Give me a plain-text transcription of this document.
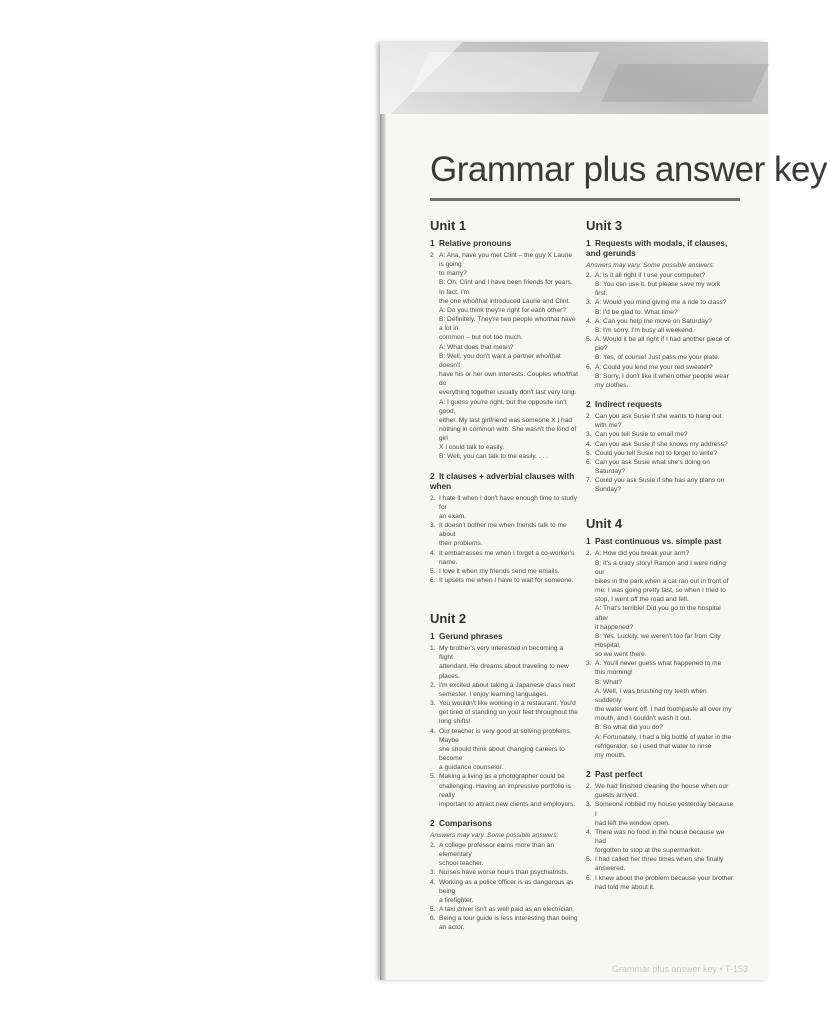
Grammar plus answer key
Unit 1
1 Relative pronouns
2 A: Ana, have you met Clint – the guy X Laurie is going
to marry?
B: Oh, Clint and I have been friends for years. In fact, I'm
the one who/that introduced Laurie and Clint.
A: Do you think they're right for each other?
B: Definitely. They're two people who/that have a lot in
common – but not too much.
A: What does that mean?
B: Well, you don't want a partner who/that doesn't
have his or her own interests. Couples who/that do
everything together usually don't last very long.
A: I guess you're right, but the opposite isn't good,
either. My last girlfriend was someone X I had
nothing in common with. She wasn't the kind of girl
X I could talk to easily.
B: Well, you can talk to me easily. . . .
2 It clauses + adverbial clauses with when
2. I hate it when I don't have enough time to study for
an exam.
3. It doesn't bother me when friends talk to me about
their problems.
4. It embarrasses me when I forget a co-worker's name.
5. I love it when my friends send me emails.
6. It upsets me when I have to wait for someone.
Unit 2
1 Gerund phrases
1. My brother's very interested in becoming a flight
attendant. He dreams about traveling to new places.
2. I'm excited about taking a Japanese class next
semester. I enjoy learning languages.
3. You wouldn't like working in a restaurant. You'd
get tired of standing on your feet throughout the
long shifts!
4. Our teacher is very good at solving problems. Maybe
she should think about changing careers to become
a guidance counselor.
5. Making a living as a photographer could be
challenging. Having an impressive portfolio is really
important to attract new clients and employers.
2 Comparisons
Answers may vary. Some possible answers:
2. A college professor earns more than an elementary
school teacher.
3. Nurses have worse hours than psychiatrists.
4. Working as a police officer is as dangerous as being
a firefighter.
5. A taxi driver isn't as well paid as an electrician.
6. Being a tour guide is less interesting than being
an actor.
Unit 3
1 Requests with modals, if clauses, and gerunds
Answers may vary. Some possible answers:
2. A: Is it all right if I use your computer?
B: You can use it, but please save my work first.
3. A: Would you mind giving me a ride to class?
B: I'd be glad to. What time?
4. A: Can you help me move on Saturday?
B: I'm sorry. I'm busy all weekend.
5. A: Would it be all right if I had another piece of pie?
B: Yes, of course! Just pass me your plate.
6. A: Could you lend me your red sweater?
B: Sorry, I don't like it when other people wear
my clothes.
2 Indirect requests
2. Can you ask Susie if she wants to hang out with me?
3. Can you tell Susie to email me?
4. Can you ask Susie if she knows my address?
5. Could you tell Susie not to forget to write?
6. Can you ask Susie what she's doing on Saturday?
7. Could you ask Susie if she has any plans on Sunday?
Unit 4
1 Past continuous vs. simple past
2. A: How did you break your arm?
B: It's a crazy story! Ramon and I were riding our
bikes in the park when a cat ran out in front of
me. I was going pretty fast, so when I tried to
stop, I went off the road and fell.
A: That's terrible! Did you go to the hospital after
it happened?
B: Yes. Luckily, we weren't too far from City Hospital,
so we went there.
3. A: You'll never guess what happened to me
this morning!
B: What?
A: Well, I was brushing my teeth when suddenly
the water went off. I had toothpaste all over my
mouth, and I couldn't wash it out.
B: So what did you do?
A: Fortunately, I had a big bottle of water in the
refrigerator, so I used that water to rinse
my mouth.
2 Past perfect
2. We had finished cleaning the house when our
guests arrived.
3. Someone robbed my house yesterday because I
had left the window open.
4. There was no food in the house because we had
forgotten to stop at the supermarket.
5. I had called her three times when she finally
answered.
6. I knew about the problem because your brother
had told me about it.
Grammar plus answer key • T-153
